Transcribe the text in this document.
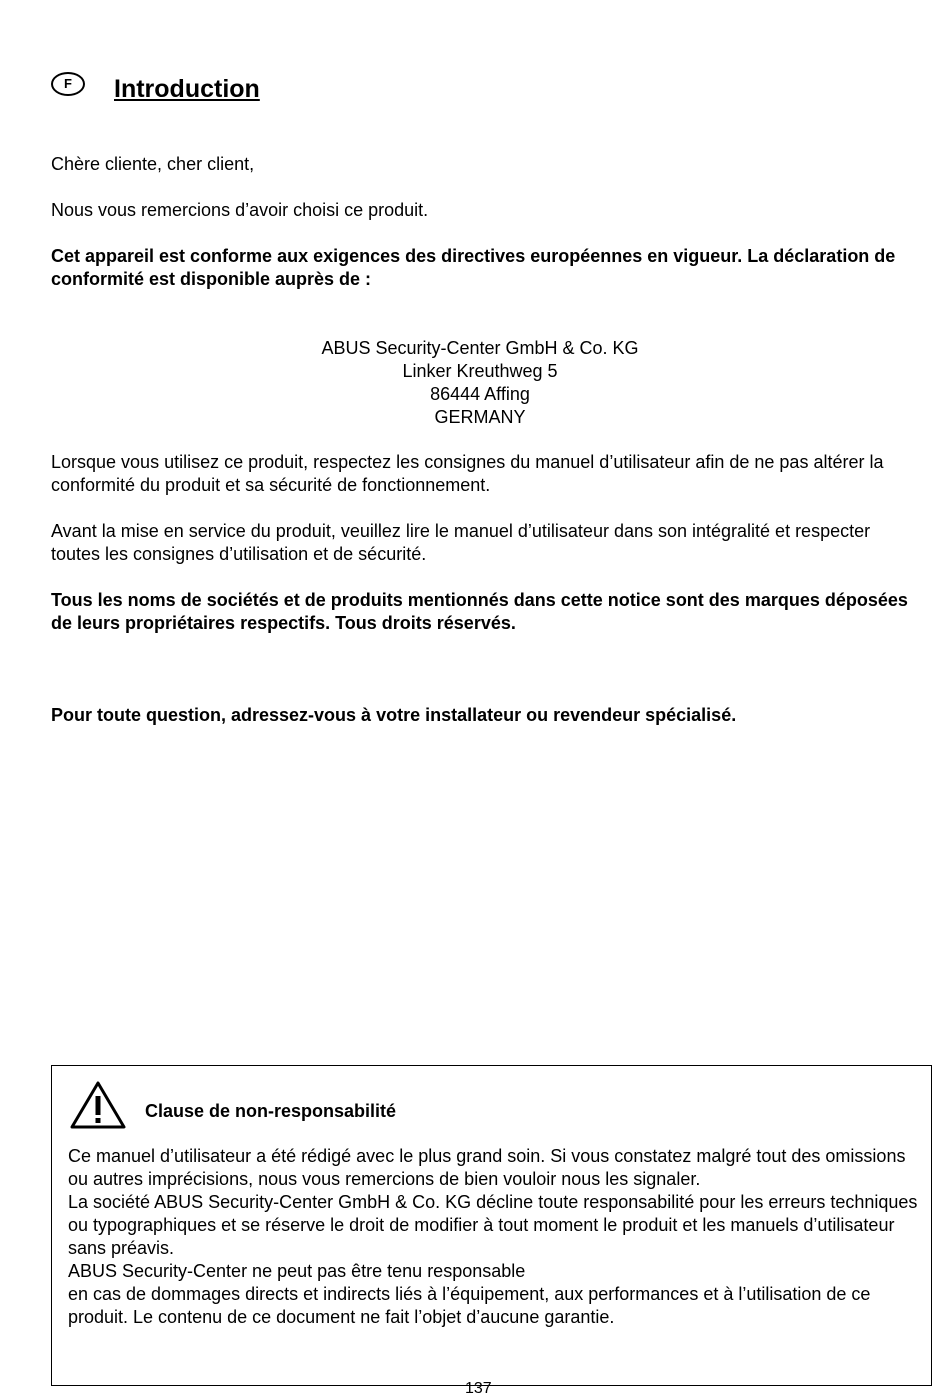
F	Introduction

Chère cliente, cher client,

Nous vous remercions d’avoir choisi ce produit.

Cet appareil est conforme aux exigences des directives européennes en vigueur. La déclaration de conformité est disponible auprès de :

ABUS Security-Center GmbH & Co. KG
Linker Kreuthweg 5
86444 Affing
GERMANY

Lorsque vous utilisez ce produit, respectez les consignes du manuel d’utilisateur afin de ne pas altérer la conformité du produit et sa sécurité de fonctionnement.

Avant la mise en service du produit, veuillez lire le manuel d’utilisateur dans son intégralité et respecter toutes les consignes d’utilisation et de sécurité.

Tous les noms de sociétés et de produits mentionnés dans cette notice sont des marques déposées de leurs propriétaires respectifs. Tous droits réservés.

Pour toute question, adressez-vous à votre installateur ou revendeur spécialisé.

Clause de non-responsabilité
Ce manuel d’utilisateur a été rédigé avec le plus grand soin. Si vous constatez malgré tout des omissions ou autres imprécisions, nous vous remercions de bien vouloir nous les signaler.
La société ABUS Security-Center GmbH & Co. KG décline toute responsabilité pour les erreurs techniques ou typographiques et se réserve le droit de modifier à tout moment le produit et les manuels d’utilisateur sans préavis.
ABUS Security-Center ne peut pas être tenu responsable
en cas de dommages directs et indirects liés à l’équipement, aux performances et à l’utilisation de ce produit. Le contenu de ce document ne fait l’objet d’aucune garantie.
137
